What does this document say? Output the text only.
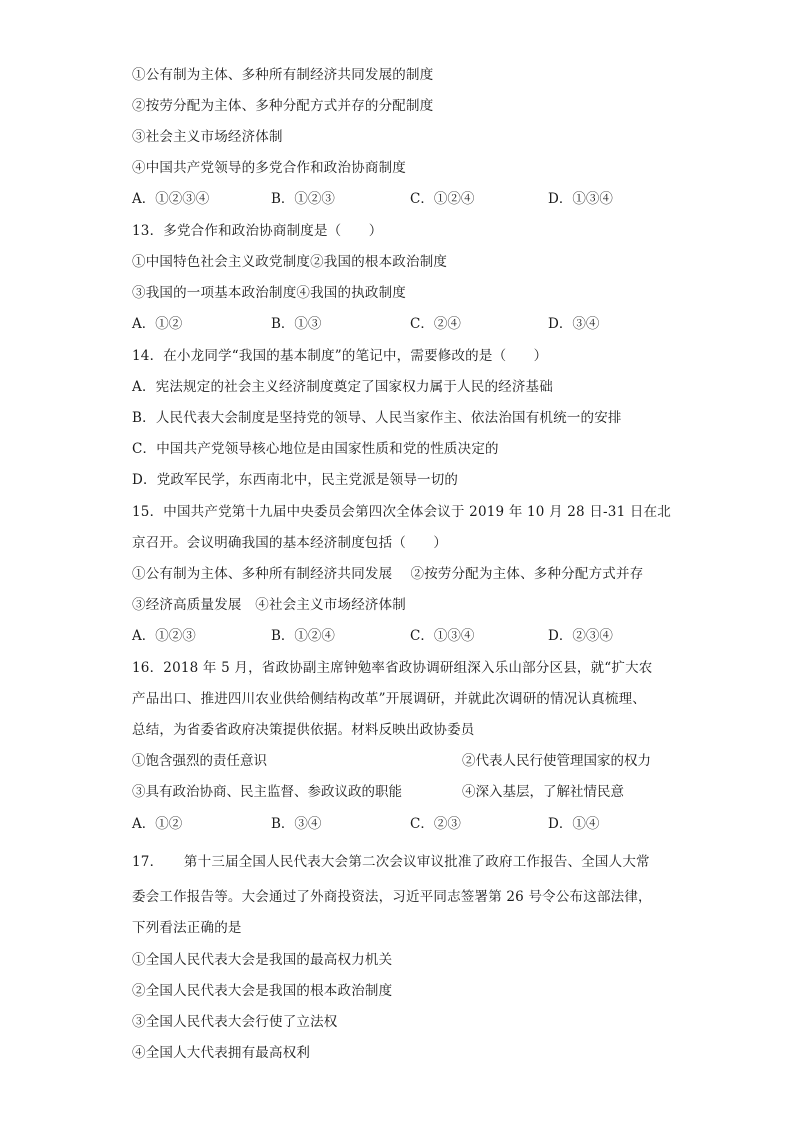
①公有制为主体、多种所有制经济共同发展的制度
②按劳分配为主体、多种分配方式并存的分配制度
③社会主义市场经济体制
④中国共产党领导的多党合作和政治协商制度
A．①②③④	B．①②③	C．①②④	D．①③④
13．多党合作和政治协商制度是（　　）
①中国特色社会主义政党制度②我国的根本政治制度
③我国的一项基本政治制度④我国的执政制度
A．①②	B．①③	C．②④	D．③④
14．在小龙同学“我国的基本制度”的笔记中，需要修改的是（　　）
A．宪法规定的社会主义经济制度奠定了国家权力属于人民的经济基础
B．人民代表大会制度是坚持党的领导、人民当家作主、依法治国有机统一的安排
C．中国共产党领导核心地位是由国家性质和党的性质决定的
D．党政军民学，东西南北中，民主党派是领导一切的
15．中国共产党第十九届中央委员会第四次全体会议于 2019 年 10 月 28 日-31 日在北
京召开。会议明确我国的基本经济制度包括（　　）
①公有制为主体、多种所有制经济共同发展　 ②按劳分配为主体、多种分配方式并存
③经济高质量发展　④社会主义市场经济体制
A．①②③	B．①②④	C．①③④	D．②③④
16．2018 年 5 月，省政协副主席钟勉率省政协调研组深入乐山部分区县，就“扩大农
产品出口、推进四川农业供给侧结构改革”开展调研，并就此次调研的情况认真梳理、
总结，为省委省政府决策提供依据。材料反映出政协委员
①饱含强烈的责任意识	②代表人民行使管理国家的权力
③具有政治协商、民主监督、参政议政的职能	④深入基层，了解社情民意
A．①②	B．③④	C．②③	D．①④
17．　　第十三届全国人民代表大会第二次会议审议批准了政府工作报告、全国人大常
委会工作报告等。大会通过了外商投资法，习近平同志签署第 26 号令公布这部法律，
下列看法正确的是
①全国人民代表大会是我国的最高权力机关
②全国人民代表大会是我国的根本政治制度
③全国人民代表大会行使了立法权
④全国人大代表拥有最高权利
